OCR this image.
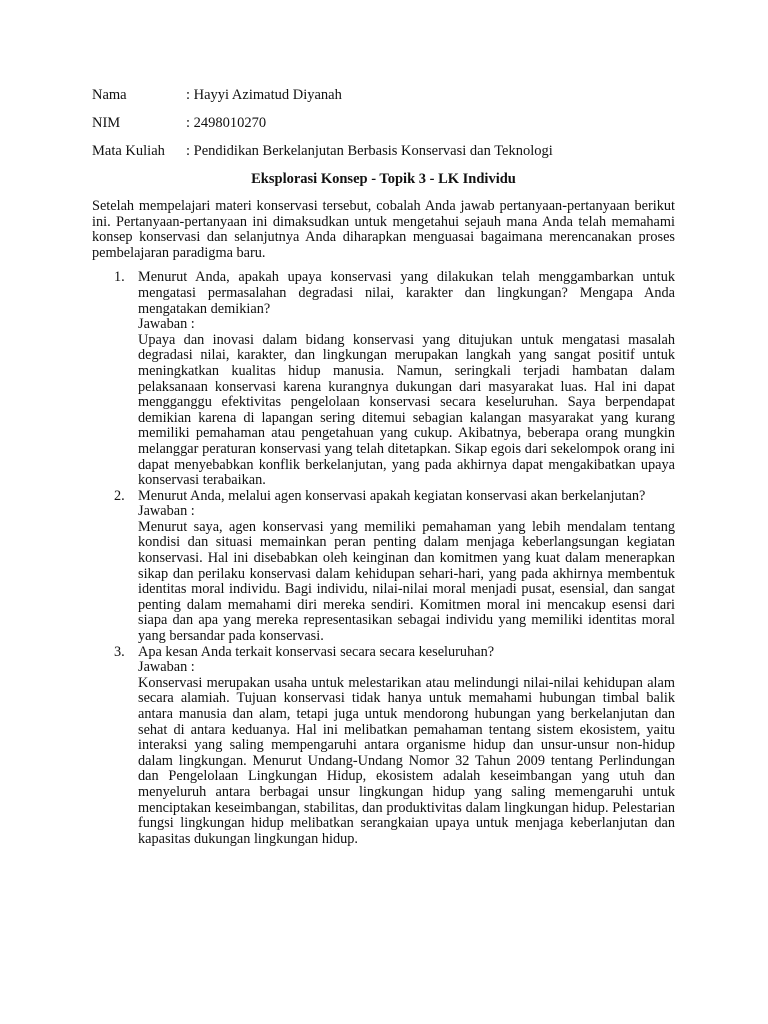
Nama	: Hayyi Azimatud Diyanah
NIM	: 2498010270
Mata Kuliah	: Pendidikan Berkelanjutan Berbasis Konservasi dan Teknologi
Eksplorasi Konsep - Topik 3 - LK Individu

Setelah mempelajari materi konservasi tersebut, cobalah Anda jawab pertanyaan-pertanyaan berikut ini. Pertanyaan-pertanyaan ini dimaksudkan untuk mengetahui sejauh mana Anda telah memahami konsep konservasi dan selanjutnya Anda diharapkan menguasai bagaimana merencanakan proses pembelajaran paradigma baru.

1. Menurut Anda, apakah upaya konservasi yang dilakukan telah menggambarkan untuk mengatasi permasalahan degradasi nilai, karakter dan lingkungan? Mengapa Anda mengatakan demikian?

Jawaban :

Upaya dan inovasi dalam bidang konservasi yang ditujukan untuk mengatasi masalah degradasi nilai, karakter, dan lingkungan merupakan langkah yang sangat positif untuk meningkatkan kualitas hidup manusia. Namun, seringkali terjadi hambatan dalam pelaksanaan konservasi karena kurangnya dukungan dari masyarakat luas. Hal ini dapat mengganggu efektivitas pengelolaan konservasi secara keseluruhan. Saya berpendapat demikian karena di lapangan sering ditemui sebagian kalangan masyarakat yang kurang memiliki pemahaman atau pengetahuan yang cukup. Akibatnya, beberapa orang mungkin melanggar peraturan konservasi yang telah ditetapkan. Sikap egois dari sekelompok orang ini dapat menyebabkan konflik berkelanjutan, yang pada akhirnya dapat mengakibatkan upaya konservasi terabaikan.

2. Menurut Anda, melalui agen konservasi apakah kegiatan konservasi akan berkelanjutan?

Jawaban :

Menurut saya, agen konservasi yang memiliki pemahaman yang lebih mendalam tentang kondisi dan situasi memainkan peran penting dalam menjaga keberlangsungan kegiatan konservasi. Hal ini disebabkan oleh keinginan dan komitmen yang kuat dalam menerapkan sikap dan perilaku konservasi dalam kehidupan sehari-hari, yang pada akhirnya membentuk identitas moral individu. Bagi individu, nilai-nilai moral menjadi pusat, esensial, dan sangat penting dalam memahami diri mereka sendiri. Komitmen moral ini mencakup esensi dari siapa dan apa yang mereka representasikan sebagai individu yang memiliki identitas moral yang bersandar pada konservasi.

3. Apa kesan Anda terkait konservasi secara secara keseluruhan?

Jawaban :

Konservasi merupakan usaha untuk melestarikan atau melindungi nilai-nilai kehidupan alam secara alamiah. Tujuan konservasi tidak hanya untuk memahami hubungan timbal balik antara manusia dan alam, tetapi juga untuk mendorong hubungan yang berkelanjutan dan sehat di antara keduanya. Hal ini melibatkan pemahaman tentang sistem ekosistem, yaitu interaksi yang saling mempengaruhi antara organisme hidup dan unsur-unsur non-hidup dalam lingkungan. Menurut Undang-Undang Nomor 32 Tahun 2009 tentang Perlindungan dan Pengelolaan Lingkungan Hidup, ekosistem adalah keseimbangan yang utuh dan menyeluruh antara berbagai unsur lingkungan hidup yang saling memengaruhi untuk menciptakan keseimbangan, stabilitas, dan produktivitas dalam lingkungan hidup. Pelestarian fungsi lingkungan hidup melibatkan serangkaian upaya untuk menjaga keberlanjutan dan kapasitas dukungan lingkungan hidup.
